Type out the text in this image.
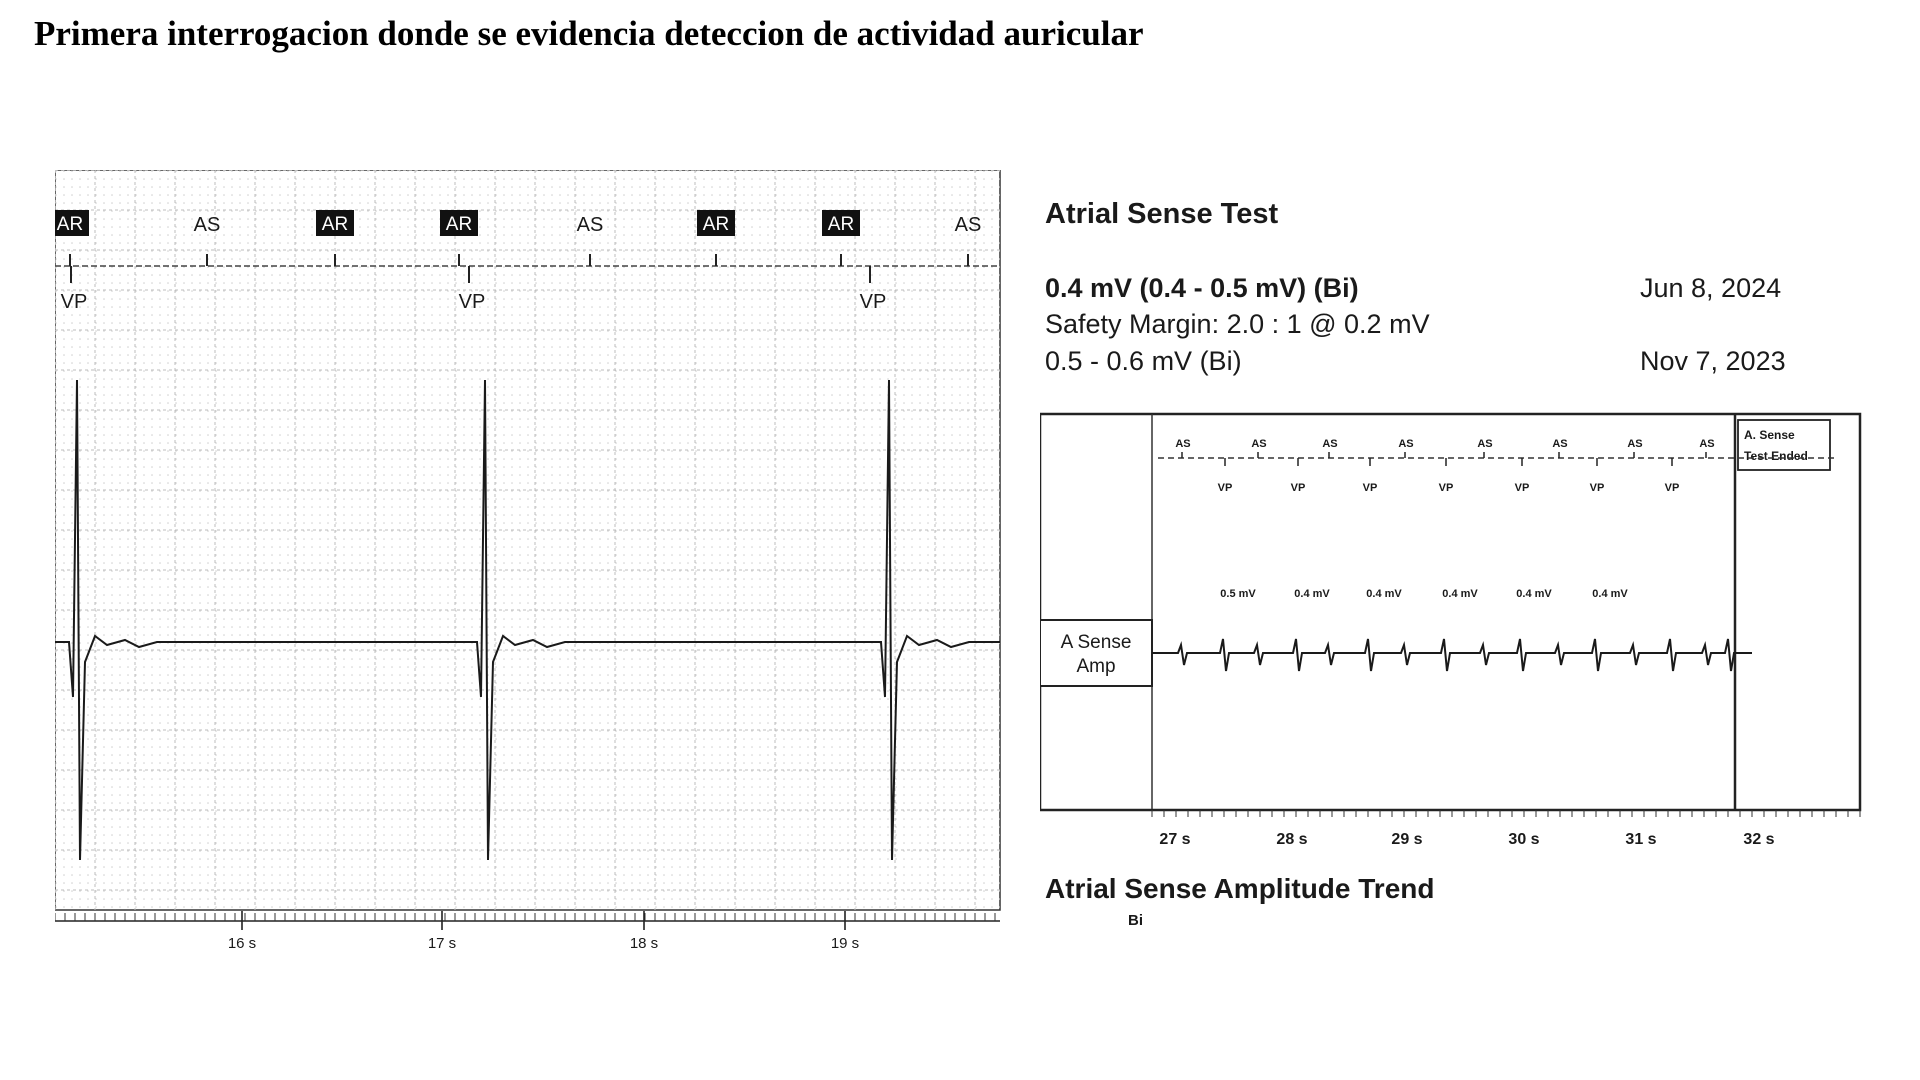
Primera interrogacion donde se evidencia deteccion de actividad auricular
AR	AS	AR	AR	AS	AR	AR	AS
VP	VP	VP
16 s	17 s	18 s	19 s
Atrial Sense Test
0.4 mV (0.4 - 0.5 mV) (Bi)	Jun 8, 2024
Safety Margin: 2.0 : 1 @ 0.2 mV
0.5 - 0.6 mV (Bi)	Nov 7, 2023
A Sense
Amp
A. Sense
Test Ended
AS	AS	AS	AS	AS	AS	AS	AS
VP	VP	VP	VP	VP	VP	VP
0.5 mV	0.4 mV	0.4 mV	0.4 mV	0.4 mV	0.4 mV
27 s	28 s	29 s	30 s	31 s	32 s
Atrial Sense Amplitude Trend
Bi
